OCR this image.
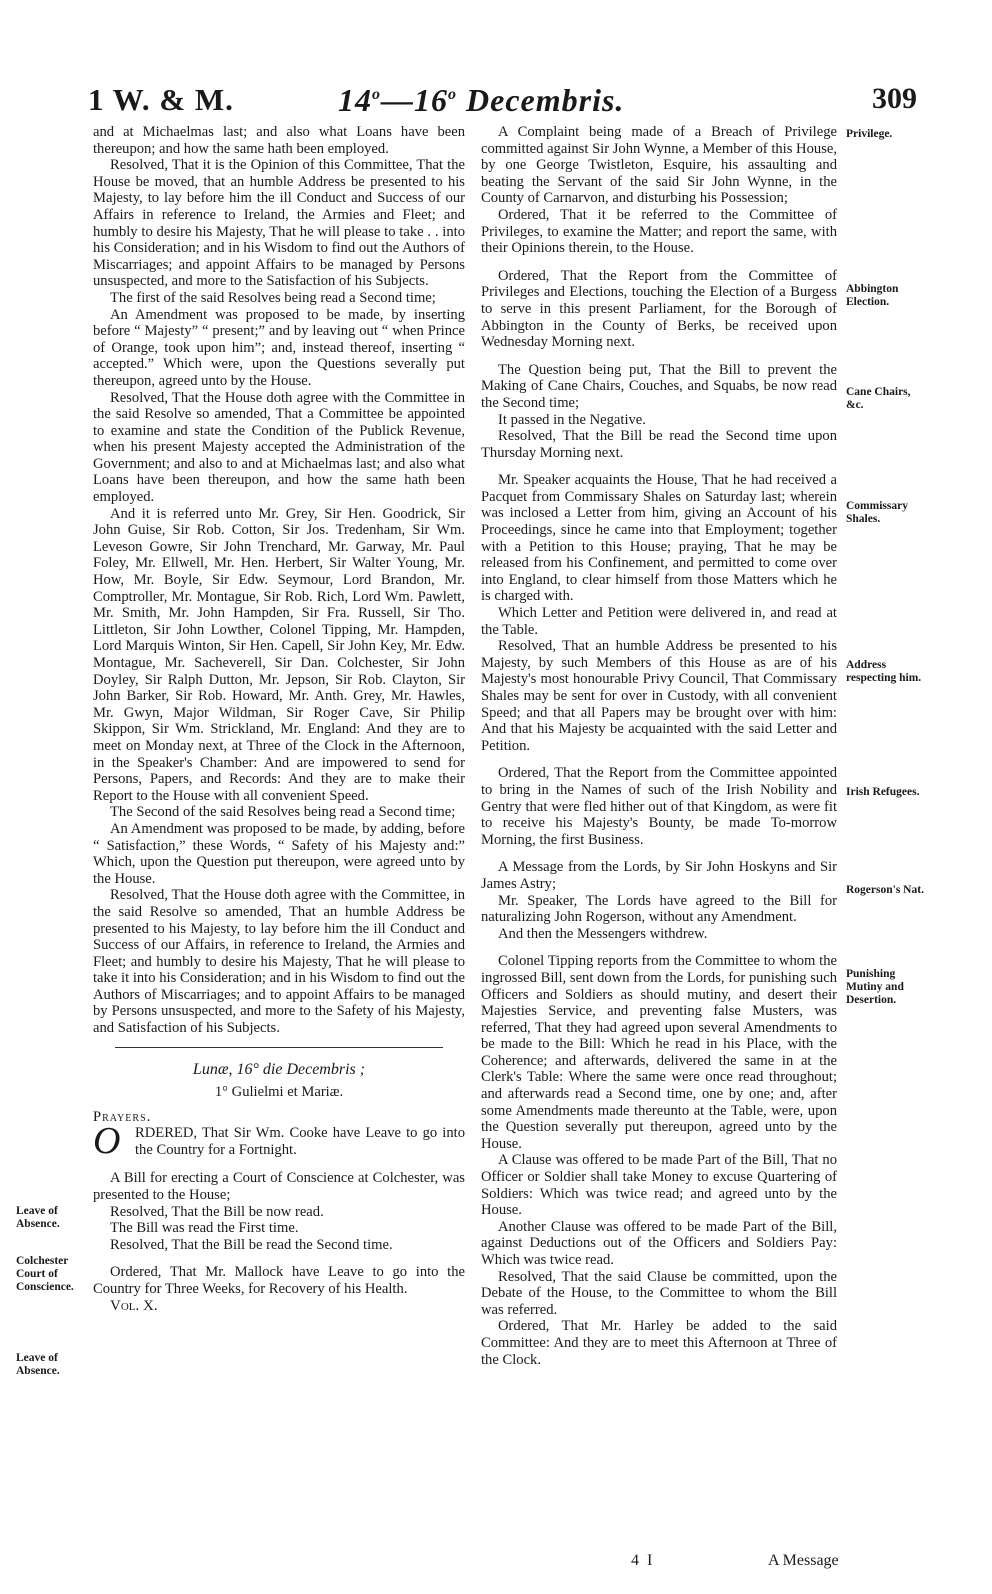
1 W. & M.	14$^o$—16$^o$ Decembris.	309

and at Michaelmas last; and also what Loans have been thereupon; and how the same hath been employed.

Resolved, That it is the Opinion of this Committee, That the House be moved, that an humble Address be presented to his Majesty, to lay before him the ill Conduct and Success of our Affairs in reference to Ireland, the Armies and Fleet; and humbly to desire his Majesty, That he will please to take . . into his Consideration; and in his Wisdom to find out the Authors of Miscarriages; and appoint Affairs to be managed by Persons unsuspected, and more to the Satisfaction of his Subjects.

The first of the said Resolves being read a Second time;

An Amendment was proposed to be made, by inserting before “ Majesty” “ present;” and by leaving out “ when Prince of Orange, took upon him”; and, instead thereof, inserting “ accepted.” Which were, upon the Questions severally put thereupon, agreed unto by the House.

Resolved, That the House doth agree with the Committee in the said Resolve so amended, That a Committee be appointed to examine and state the Condition of the Publick Revenue, when his present Majesty accepted the Administration of the Government; and also to and at Michaelmas last; and also what Loans have been thereupon, and how the same hath been employed.

And it is referred unto Mr. Grey, Sir Hen. Goodrick, Sir John Guise, Sir Rob. Cotton, Sir Jos. Tredenham, Sir Wm. Leveson Gowre, Sir John Trenchard, Mr. Garway, Mr. Paul Foley, Mr. Ellwell, Mr. Hen. Herbert, Sir Walter Young, Mr. How, Mr. Boyle, Sir Edw. Seymour, Lord Brandon, Mr. Comptroller, Mr. Montague, Sir Rob. Rich, Lord Wm. Pawlett, Mr. Smith, Mr. John Hampden, Sir Fra. Russell, Sir Tho. Littleton, Sir John Lowther, Colonel Tipping, Mr. Hampden, Lord Marquis Winton, Sir Hen. Capell, Sir John Key, Mr. Edw. Montague, Mr. Sacheverell, Sir Dan. Colchester, Sir John Doyley, Sir Ralph Dutton, Mr. Jepson, Sir Rob. Clayton, Sir John Barker, Sir Rob. Howard, Mr. Anth. Grey, Mr. Hawles, Mr. Gwyn, Major Wildman, Sir Roger Cave, Sir Philip Skippon, Sir Wm. Strickland, Mr. England: And they are to meet on Monday next, at Three of the Clock in the Afternoon, in the Speaker's Chamber: And are impowered to send for Persons, Papers, and Records: And they are to make their Report to the House with all convenient Speed.

The Second of the said Resolves being read a Second time;

An Amendment was proposed to be made, by adding, before “ Satisfaction,” these Words, “ Safety of his Majesty and:” Which, upon the Question put thereupon, were agreed unto by the House.

Resolved, That the House doth agree with the Committee, in the said Resolve so amended, That an humble Address be presented to his Majesty, to lay before him the ill Conduct and Success of our Affairs, in reference to Ireland, the Armies and Fleet; and humbly to desire his Majesty, That he will please to take it into his Consideration; and in his Wisdom to find out the Authors of Miscarriages; and to appoint Affairs to be managed by Persons unsuspected, and more to the Safety of his Majesty, and Satisfaction of his Subjects.

Lunæ, 16° die Decembris ;
1° Gulielmi et Mariæ.

Prayers.

O RDERED, That Sir Wm. Cooke have Leave to go into the Country for a Fortnight.

A Bill for erecting a Court of Conscience at Colchester, was presented to the House;

Resolved, That the Bill be now read.

The Bill was read the First time.

Resolved, That the Bill be read the Second time.

Ordered, That Mr. Mallock have Leave to go into the Country for Three Weeks, for Recovery of his Health.

Vol. X.

A Complaint being made of a Breach of Privilege committed against Sir John Wynne, a Member of this House, by one George Twistleton, Esquire, his assaulting and beating the Servant of the said Sir John Wynne, in the County of Carnarvon, and disturbing his Possession;

Ordered, That it be referred to the Committee of Privileges, to examine the Matter; and report the same, with their Opinions therein, to the House.

Ordered, That the Report from the Committee of Privileges and Elections, touching the Election of a Burgess to serve in this present Parliament, for the Borough of Abbington in the County of Berks, be received upon Wednesday Morning next.

The Question being put, That the Bill to prevent the Making of Cane Chairs, Couches, and Squabs, be now read the Second time;

It passed in the Negative.

Resolved, That the Bill be read the Second time upon Thursday Morning next.

Mr. Speaker acquaints the House, That he had received a Pacquet from Commissary Shales on Saturday last; wherein was inclosed a Letter from him, giving an Account of his Proceedings, since he came into that Employment; together with a Petition to this House; praying, That he may be released from his Confinement, and permitted to come over into England, to clear himself from those Matters which he is charged with.

Which Letter and Petition were delivered in, and read at the Table.

Resolved, That an humble Address be presented to his Majesty, by such Members of this House as are of his Majesty's most honourable Privy Council, That Commissary Shales may be sent for over in Custody, with all convenient Speed; and that all Papers may be brought over with him: And that his Majesty be acquainted with the said Letter and Petition.

Ordered, That the Report from the Committee appointed to bring in the Names of such of the Irish Nobility and Gentry that were fled hither out of that Kingdom, as were fit to receive his Majesty's Bounty, be made To-morrow Morning, the first Business.

A Message from the Lords, by Sir John Hoskyns and Sir James Astry;

Mr. Speaker, The Lords have agreed to the Bill for naturalizing John Rogerson, without any Amendment.

And then the Messengers withdrew.

Colonel Tipping reports from the Committee to whom the ingrossed Bill, sent down from the Lords, for punishing such Officers and Soldiers as should mutiny, and desert their Majesties Service, and preventing false Musters, was referred, That they had agreed upon several Amendments to be made to the Bill: Which he read in his Place, with the Coherence; and afterwards, delivered the same in at the Clerk's Table: Where the same were once read throughout; and afterwards read a Second time, one by one; and, after some Amendments made thereunto at the Table, were, upon the Question severally put thereupon, agreed unto by the House.

A Clause was offered to be made Part of the Bill, That no Officer or Soldier shall take Money to excuse Quartering of Soldiers: Which was twice read; and agreed unto by the House.

Another Clause was offered to be made Part of the Bill, against Deductions out of the Officers and Soldiers Pay: Which was twice read.

Resolved, That the said Clause be committed, upon the Debate of the House, to the Committee to whom the Bill was referred.

Ordered, That Mr. Harley be added to the said Committee: And they are to meet this Afternoon at Three of the Clock.

Leave of Absence.
Colchester Court of Conscience.
Leave of Absence.
Privilege.
Abbington Election.
Cane Chairs, &c.
Commissary Shales.
Address respecting him.
Irish Refugees.
Rogerson's Nat.
Punishing Mutiny and Desertion.
4 I	A Message
